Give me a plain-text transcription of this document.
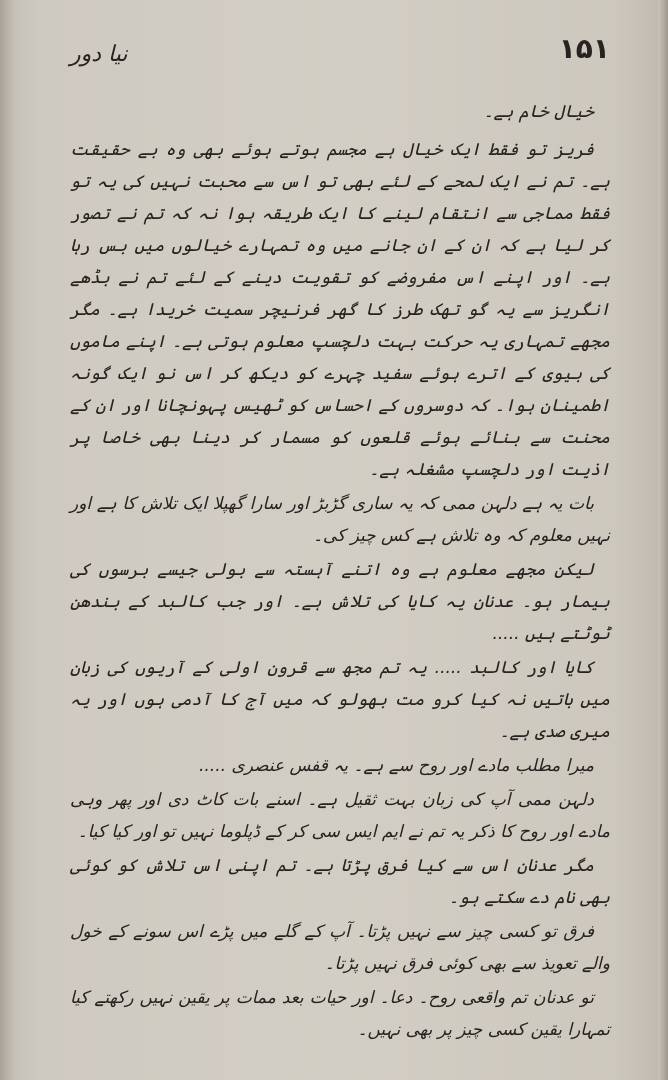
نیا دور	۱۵۱

خیال خام ہے۔

فریز تو فقط ایک خیال ہے مجسم ہوتے ہوئے بھی وہ بے حقیقت ہے۔ تم نے ایک لمحے کے لئے بھی تو اس سے محبت نہیں کی یہ تو فقط مماجی سے انتقام لینے کا ایک طریقہ ہوا نہ کہ تم نے تصور کر لیا ہے کہ ان کے ان جانے میں وہ تمہارے خیالوں میں بس رہا ہے۔ اور اپنے اس مفروضے کو تقویت دینے کے لئے تم نے بڈھے انگریز سے یہ گو تھک طرز کا گھر فرنیچر سمیت خریدا ہے۔ مگر مجھے تمہاری یہ حرکت بہت دلچسپ معلوم ہوتی ہے۔ اپنے ماموں کی بیوی کے اترے ہوئے سفید چہرے کو دیکھ کر اس نو ایک گونہ اطمینان ہوا۔ کہ دوسروں کے احساس کو ٹھیس پہونچانا اور ان کے محنت سے بنائے ہوئے قلعوں کو مسمار کر دینا بھی خاصا پر اذیت اور دلچسپ مشغلہ ہے۔

بات یہ ہے دلہن ممی کہ یہ ساری گڑبڑ اور سارا گھپلا ایک تلاش کا ہے اور نہیں معلوم کہ وہ تلاش ہے کس چیز کی۔

لیکن مجھے معلوم ہے وہ اتنے آہستہ سے بولی جیسے برسوں کی بیمار ہو۔ عدنان یہ کایا کی تلاش ہے۔ اور جب کالبد کے بندھن ٹوٹتے ہیں .....

کایا اور کالبد ..... یہ تم مجھ سے قرون اولی کے آریوں کی زبان میں باتیں نہ کیا کرو مت بھولو کہ میں آج کا آدمی ہوں اور یہ میری صدی ہے۔

میرا مطلب مادے اور روح سے ہے۔ یہ قفس عنصری .....

دلہن ممی آپ کی زبان بہت ثقیل ہے۔ اسنے بات کاٹ دی اور پھر وہی مادے اور روح کا ذکر یہ تم نے ایم ایس سی کر کے ڈپلوما نہیں تو اور کیا کیا۔

مگر عدنان اس سے کیا فرق پڑتا ہے۔ تم اپنی اس تلاش کو کوئی بھی نام دے سکتے ہو۔

فرق تو کسی چیز سے نہیں پڑتا۔ آپ کے گلے میں پڑے اس سونے کے خول والے تعویذ سے بھی کوئی فرق نہیں پڑتا۔

تو عدنان تم واقعی روح۔ دعا۔ اور حیات بعد ممات پر یقین نہیں رکھتے کیا تمہارا یقین کسی چیز پر بھی نہیں۔
